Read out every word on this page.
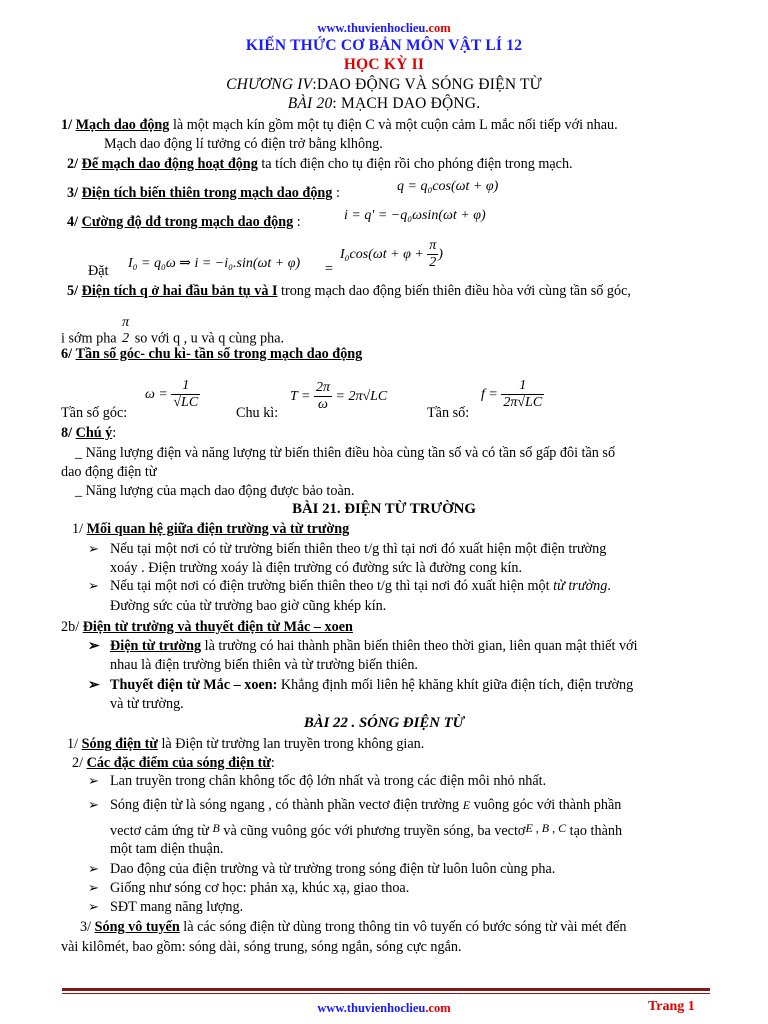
www.thuvienhoclieu.com
KIẾN THỨC CƠ BẢN MÔN VẬT LÍ 12
HỌC KỲ II
CHƯƠNG IV:DAO ĐỘNG VÀ SÓNG ĐIỆN TỪ
BÀI 20: MẠCH DAO ĐỘNG.
1/ Mạch dao động là một mạch kín gồm một tụ điện C và một cuộn cảm L mắc nối tiếp với nhau.
Mạch dao động lí tưởng có điện trở bằng klhông.
2/ Để mạch dao động hoạt động ta tích điện cho tụ điện rồi cho phóng điện trong mạch.
3/ Điện tích biến thiên trong mạch dao động :	q = q₀cos(ωt + φ)
4/ Cường độ dđ trong mạch dao động :	i = q' = −q₀ωsin(ωt + φ)
$I_0\cos(\omega t + \varphi + \frac{\pi}{2}$ )
Đặt I₀ = q₀ω ⇒ i = −i₀.sin(ωt + φ) =
5/ Điện tích q ở hai đầu bản tụ và I trong mạch dao động biến thiên điều hòa với cùng tần số góc,
i sớm pha
π
2 so với q , u và q cùng pha.
6/ Tần số góc- chu kì- tần số trong mạch dao động
Tần số góc:
$\omega = \frac{1}{√LC}$
Chu kì:
$T = \frac{2\pi}{\omega} = 2\pi√LC$
Tần số:
$f = \frac{1}{2\pi√LC}$
8/ Chú ý:
_ Năng lượng điện và năng lượng từ biến thiên điều hòa cùng tần số và có tần số gấp đôi tần số
dao động điện từ
_ Năng lượng của mạch dao động được bảo toàn.
BÀI 21. ĐIỆN TỪ TRƯỜNG
1/ Mối quan hệ giữa điện trường và từ trường
➢ Nếu tại một nơi có từ trường biến thiên theo t/g thì tại nơi đó xuất hiện một điện trường
xoáy . Điện trường xoáy là điện trường có đường sức là đường cong kín.
➢ Nếu tại một nơi có điện trường biến thiên theo t/g thì tại nơi đó xuất hiện một từ trường.
Đường sức của từ trường bao giờ cũng khép kín.
2b/ Điện từ trường và thuyết điện từ Mắc – xoen
➢ Điện từ trường là trường có hai thành phần biến thiên theo thời gian, liên quan mật thiết với
nhau là điện trường biến thiên và từ trường biến thiên.
➢ Thuyết điện từ Mắc – xoen: Khẳng định mối liên hệ khăng khít giữa điện tích, điện trường
và từ trường.
BÀI 22 . SÓNG ĐIỆN TỪ
1/ Sóng điện từ là Điện từ trường lan truyền trong không gian.
2/ Các đặc điểm của sóng điện từ:
➢ Lan truyền trong chân không tốc độ lớn nhất và trong các điện môi nhỏ nhất.
➢ Sóng điện từ là sóng ngang , có thành phần vectơ điện trường E vuông góc với thành phần
vectơ cảm ứng từ $^B$ và cũng vuông góc với phương truyền sóng, ba vectơ$^{E , B , C}$ tạo thành
một tam diện thuận.
➢ Dao động của điện trường và từ trường trong sóng điện từ luôn luôn cùng pha.
➢ Giống như sóng cơ học: phản xạ, khúc xạ, giao thoa.
➢ SĐT mang năng lượng.
3/ Sóng vô tuyến là các sóng điện từ dùng trong thông tin vô tuyến có bước sóng từ vài mét đến
vài kilômét, bao gồm: sóng dài, sóng trung, sóng ngắn, sóng cực ngắn.
www.thuvienhoclieu.com	Trang 1
